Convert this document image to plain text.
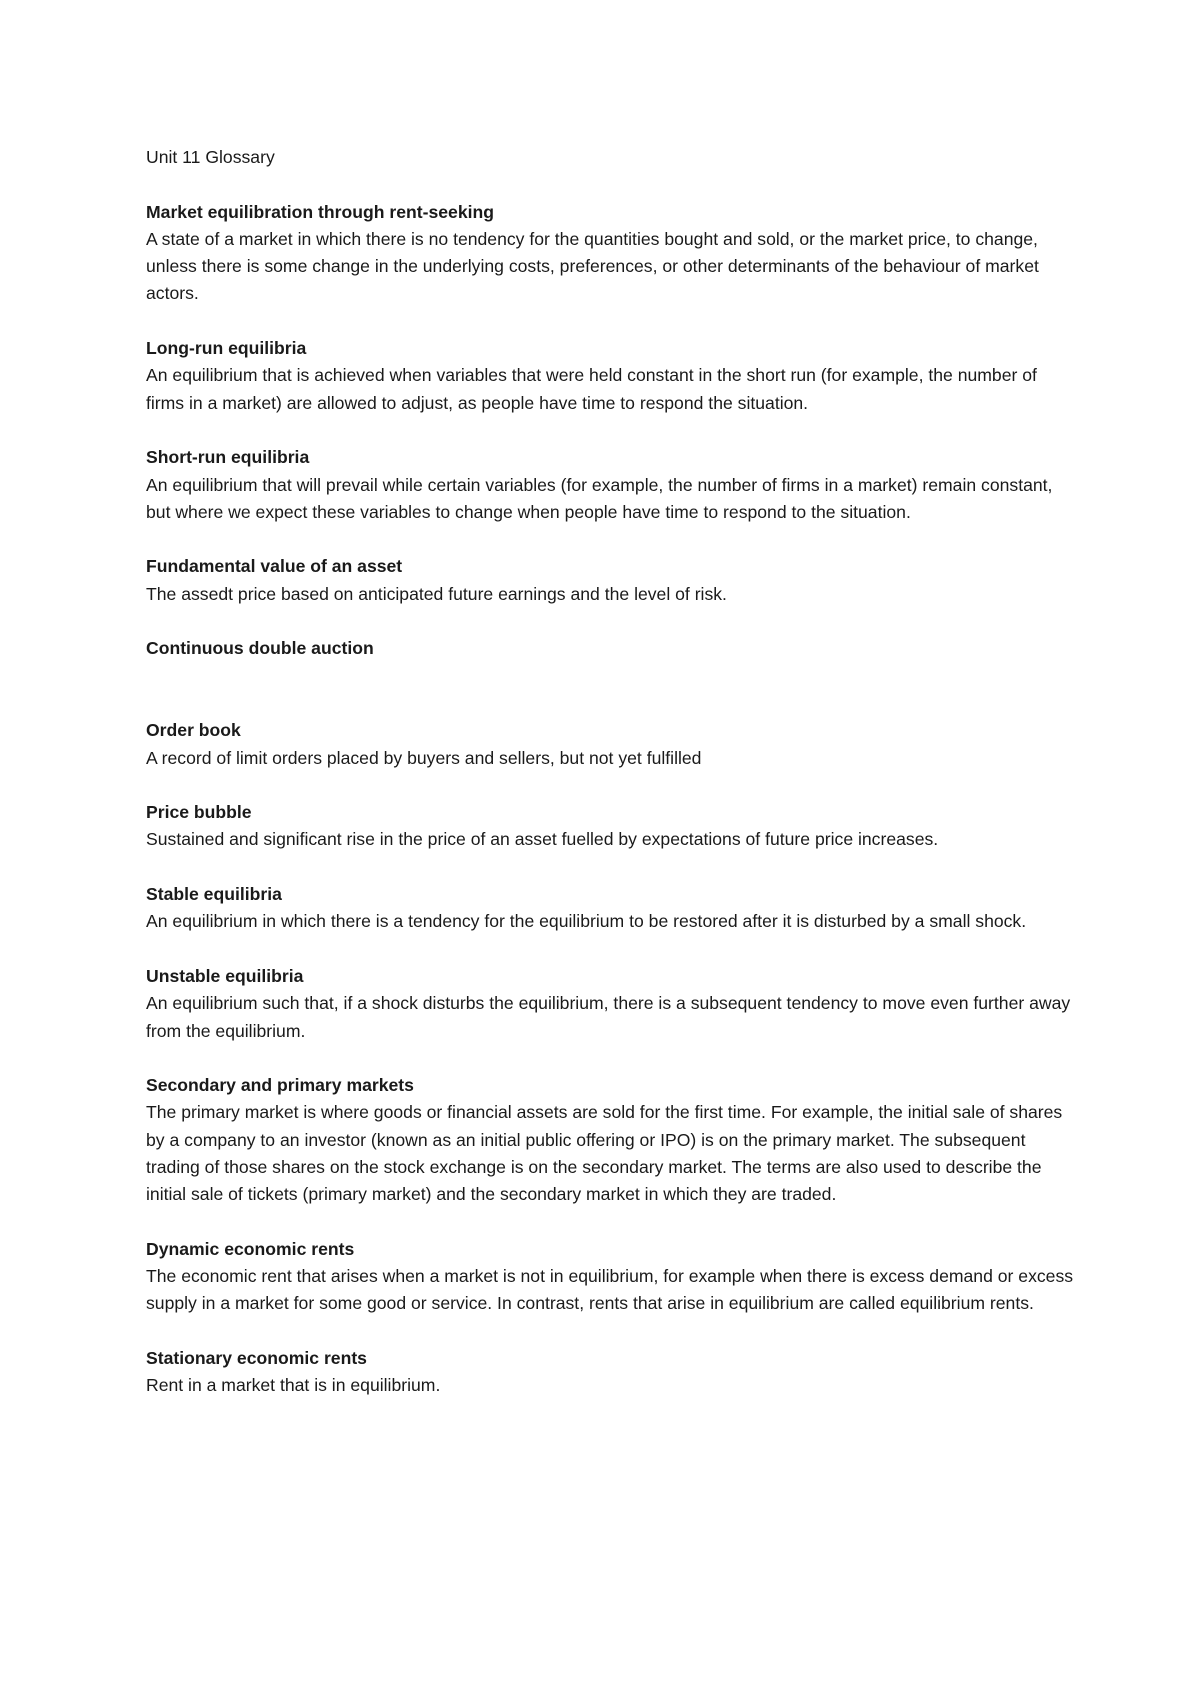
Unit 11 Glossary

Market equilibration through rent-seeking

A state of a market in which there is no tendency for the quantities bought and sold, or the market price, to change, unless there is some change in the underlying costs, preferences, or other determinants of the behaviour of market actors.

Long-run equilibria

An equilibrium that is achieved when variables that were held constant in the short run (for example, the number of firms in a market) are allowed to adjust, as people have time to respond the situation.

Short-run equilibria

An equilibrium that will prevail while certain variables (for example, the number of firms in a market) remain constant, but where we expect these variables to change when people have time to respond to the situation.

Fundamental value of an asset

The assedt price based on anticipated future earnings and the level of risk.

Continuous double auction

Order book

A record of limit orders placed by buyers and sellers, but not yet fulfilled

Price bubble

Sustained and significant rise in the price of an asset fuelled by expectations of future price increases.

Stable equilibria

An equilibrium in which there is a tendency for the equilibrium to be restored after it is disturbed by a small shock.

Unstable equilibria

An equilibrium such that, if a shock disturbs the equilibrium, there is a subsequent tendency to move even further away from the equilibrium.

Secondary and primary markets

The primary market is where goods or financial assets are sold for the first time. For example, the initial sale of shares by a company to an investor (known as an initial public offering or IPO) is on the primary market. The subsequent trading of those shares on the stock exchange is on the secondary market. The terms are also used to describe the initial sale of tickets (primary market) and the secondary market in which they are traded.

Dynamic economic rents

The economic rent that arises when a market is not in equilibrium, for example when there is excess demand or excess supply in a market for some good or service. In contrast, rents that arise in equilibrium are called equilibrium rents.

Stationary economic rents

Rent in a market that is in equilibrium.
